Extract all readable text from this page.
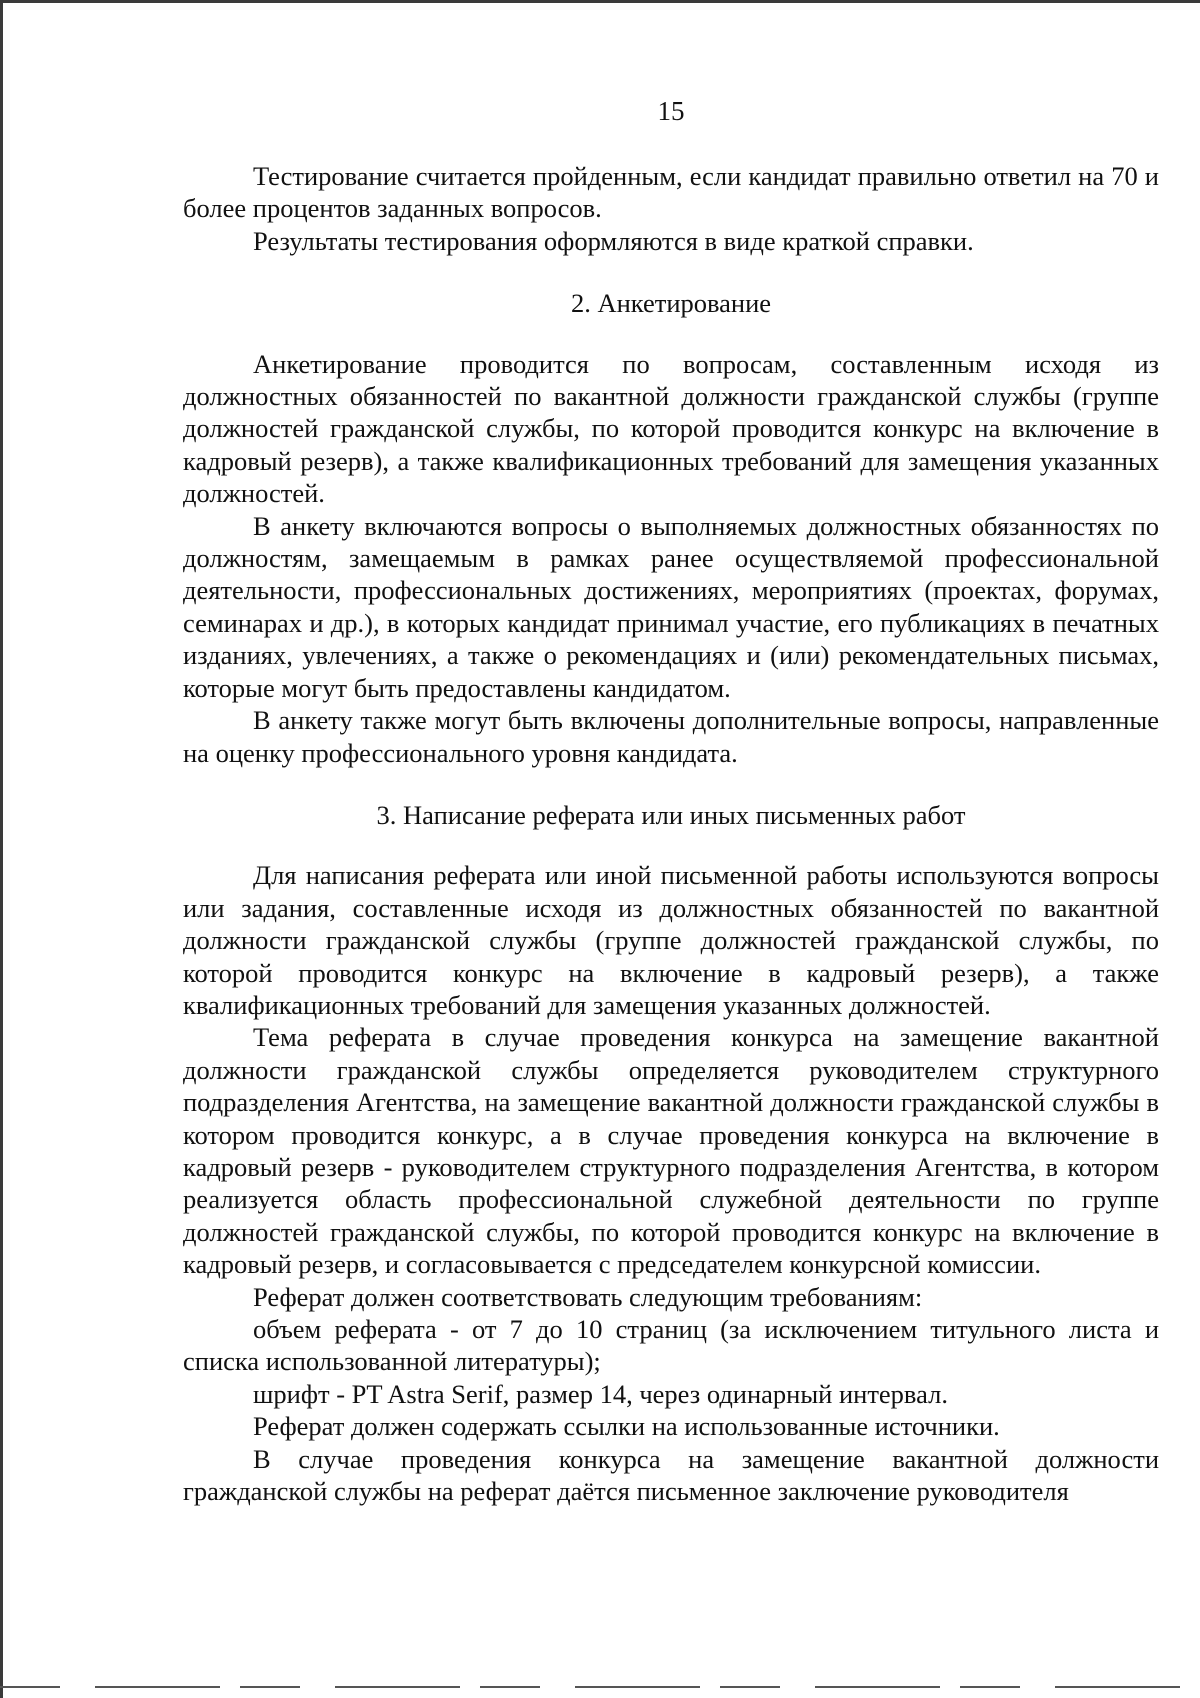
15

Тестирование считается пройденным, если кандидат правильно ответил на 70 и более процентов заданных вопросов.

Результаты тестирования оформляются в виде краткой справки.

2. Анкетирование

Анкетирование проводится по вопросам, составленным исходя из должностных обязанностей по вакантной должности гражданской службы (группе должностей гражданской службы, по которой проводится конкурс на включение в кадровый резерв), а также квалификационных требований для замещения указанных должностей.

В анкету включаются вопросы о выполняемых должностных обязанностях по должностям, замещаемым в рамках ранее осуществляемой профессиональной деятельности, профессиональных достижениях, мероприятиях (проектах, форумах, семинарах и др.), в которых кандидат принимал участие, его публикациях в печатных изданиях, увлечениях, а также о рекомендациях и (или) рекомендательных письмах, которые могут быть предоставлены кандидатом.

В анкету также могут быть включены дополнительные вопросы, направленные на оценку профессионального уровня кандидата.

3. Написание реферата или иных письменных работ

Для написания реферата или иной письменной работы используются вопросы или задания, составленные исходя из должностных обязанностей по вакантной должности гражданской службы (группе должностей гражданской службы, по которой проводится конкурс на включение в кадровый резерв), а также квалификационных требований для замещения указанных должностей.

Тема реферата в случае проведения конкурса на замещение вакантной должности гражданской службы определяется руководителем структурного подразделения Агентства, на замещение вакантной должности гражданской службы в котором проводится конкурс, а в случае проведения конкурса на включение в кадровый резерв - руководителем структурного подразделения Агентства, в котором реализуется область профессиональной служебной деятельности по группе должностей гражданской службы, по которой проводится конкурс на включение в кадровый резерв, и согласовывается с председателем конкурсной комиссии.

Реферат должен соответствовать следующим требованиям:

объем реферата - от 7 до 10 страниц (за исключением титульного листа и списка использованной литературы);

шрифт - PT Astra Serif, размер 14, через одинарный интервал.

Реферат должен содержать ссылки на использованные источники.

В случае проведения конкурса на замещение вакантной должности гражданской службы на реферат даётся письменное заключение руководителя
